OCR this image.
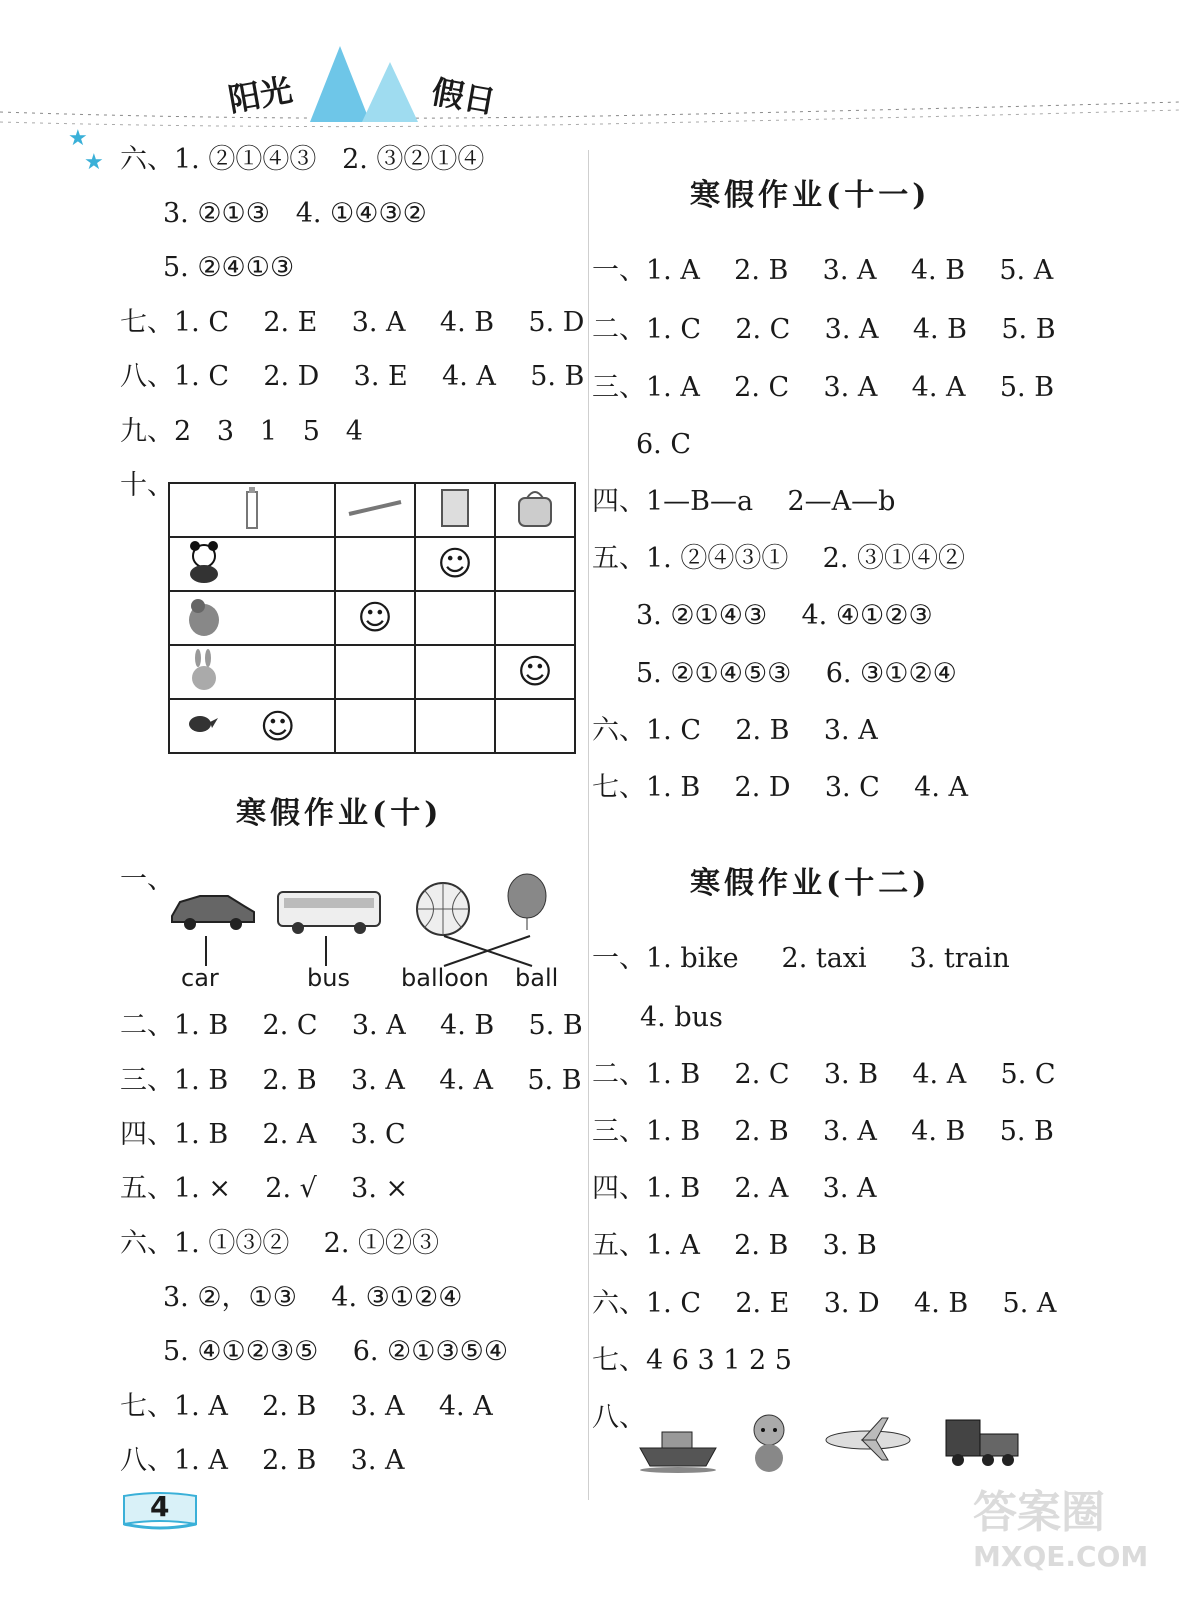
阳光	假日
★
★ 六、1. ②①④③   2. ③②①④
3. ②①③   4. ①④③②
5. ②④①③
七、1. C    2. E    3. A    4. B    5. D
八、1. C    2. D    3. E    4. A    5. B
九、2   3   1   5   4
十、

		☺	
	☺		
			☺
☺			
寒假作业(十)
一、
car	bus balloon ball
二、1. B    2. C    3. A    4. B    5. B
三、1. B    2. B    3. A    4. A    5. B
四、1. B    2. A    3. C
五、1. ×    2. √    3. ×
六、1. ①③②    2. ①②③
3. ②，①③    4. ③①②④
5. ④①②③⑤    6. ②①③⑤④
七、1. A    2. B    3. A    4. A
八、1. A    2. B    3. A
寒假作业(十一)
一、1. A    2. B    3. A    4. B    5. A
二、1. C    2. C    3. A    4. B    5. B
三、1. A    2. C    3. A    4. A    5. B
6. C
四、1—B—a    2—A—b
五、1. ②④③①    2. ③①④②
3. ②①④③    4. ④①②③
5. ②①④⑤③    6. ③①②④
六、1. C    2. B    3. A
七、1. B    2. D    3. C    4. A
寒假作业(十二)
一、1. bike     2. taxi     3. train
4. bus
二、1. B    2. C    3. B    4. A    5. C
三、1. B    2. B    3. A    4. B    5. B
四、1. B    2. A    3. A
五、1. A    2. B    3. B
六、1. C    2. E    3. D    4. B    5. A
七、4 6 3 1 2 5
八、
4	答案圈
MXQE.COM
